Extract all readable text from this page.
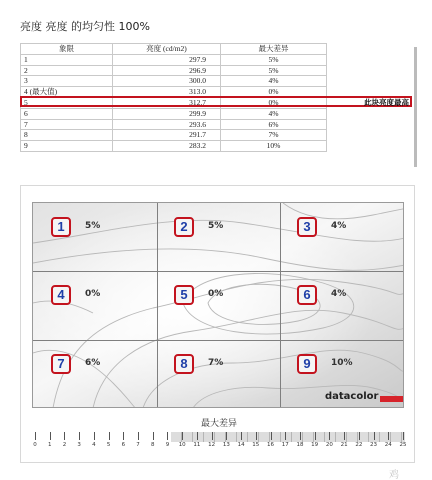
亮度 亮度 的均匀性 100%
象限	亮度 (cd/m2)	最大差异	
1	297.9	5%	
2	296.9	5%	
3	300.0	4%	
4 (最大值)	313.0	0%	
5	312.7	0%	
6	299.9	4%	
7	293.6	6%	
8	291.7	7%	
9	283.2	10%	
此块亮度最高
1	5%	2	5%	3	4%
4	0%	5	0%	6	4%
7	6%	8	7%	9	10%
datacolor
最大差异
0 1 2 3 4 5 6 7 8 9 10 11 12 13 14 15 16 17 18 19 20 21 22 23 24 25
鸡
